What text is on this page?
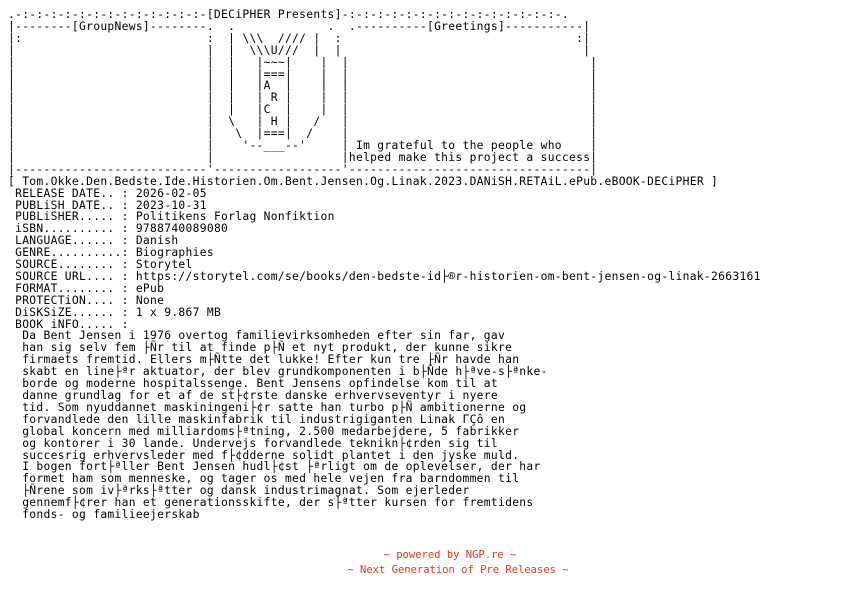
.-:-:-:-:-:-:-:-:-:-:-:-:-:-[DECiPHER Presents]-:-:-:-:-:-:-:-:-:-:-:-:-:-:-:-.
|--------[GroupNews]--------.  .             .  .----------[Greetings]-----------|
|:                          :  | \\\  //// |  :                                 :|
|                           |  |  \\\U///  |  |                                  |
|                           |  |   |~~~|    |  |                                  |
|                           |  |   |===|    |  |                                  |
|                           |  |   |A  |    |  |                                  |
|                           |  |   | R |    |  |                                  |
|                           |  |   |C  |    |  |                                  |
|                           |  \   | H |   /   |                                  |
|                           |   \  |===|  /    |                                  |
|                           |    '--___--'     | Im grateful to the people who    |
|                           |                  |helped make this project a success|
|---------------------------'------------------'----------------------------------|
[ Tom.Okke.Den.Bedste.Ide.Historien.Om.Bent.Jensen.Og.Linak.2023.DANiSH.RETAiL.ePub.eBOOK-DECiPHER ]
RELEASE DATE.. : 2026-02-05
PUBLiSH DATE.. : 2023-10-31
PUBLiSHER..... : Politikens Forlag Nonfiktion
iSBN.......... : 9788740089080
LANGUAGE...... : Danish
GENRE..........: Biographies
SOURCE........ : Storytel
SOURCE URL.... : https://storytel.com/se/books/den-bedste-id├®r-historien-om-bent-jensen-og-linak-2663161
FORMAT........ : ePub
PROTECTiON.... : None
DiSKSiZE...... : 1 x 9.867 MB
BOOK iNFO..... :
Da Bent Jensen i 1976 overtog familievirksomheden efter sin far, gav
han sig selv fem ├Ñr til at finde p├Ñ et nyt produkt, der kunne sikre
firmaets fremtid. Ellers m├Ñtte det lukke! Efter kun tre ├Ñr havde han
skabt en line├ªr aktuator, der blev grundkomponenten i b├Ñde h├ªve-s├ªnke-
borde og moderne hospitalssenge. Bent Jensens opfindelse kom til at
danne grundlag for et af de st├¢rste danske erhvervseventyr i nyere
tid. Som nyuddannet maskiningeni├¢r satte han turbo p├Ñ ambitionerne og
forvandlede den lille maskinfabrik til industrigiganten Linak ΓÇô en
global koncern med milliardoms├ªtning, 2.500 medarbejdere, 5 fabrikker
og kontorer i 30 lande. Undervejs forvandlede teknikn├¢rden sig til
succesrig erhvervsleder med f├¢dderne solidt plantet i den jyske muld.
I bogen fort├ªller Bent Jensen hudl├¢st ├ªrligt om de oplevelser, der har
formet ham som menneske, og tager os med hele vejen fra barndommen til
├Ñrene som iv├ªrks├ªtter og dansk industrimagnat. Som ejerleder
gennemf├¢rer han et generationsskifte, der s├ªtter kursen for fremtidens
fonds- og familieejerskab
~ powered by NGP.re ~
~ Next Generation of Pre Releases ~
